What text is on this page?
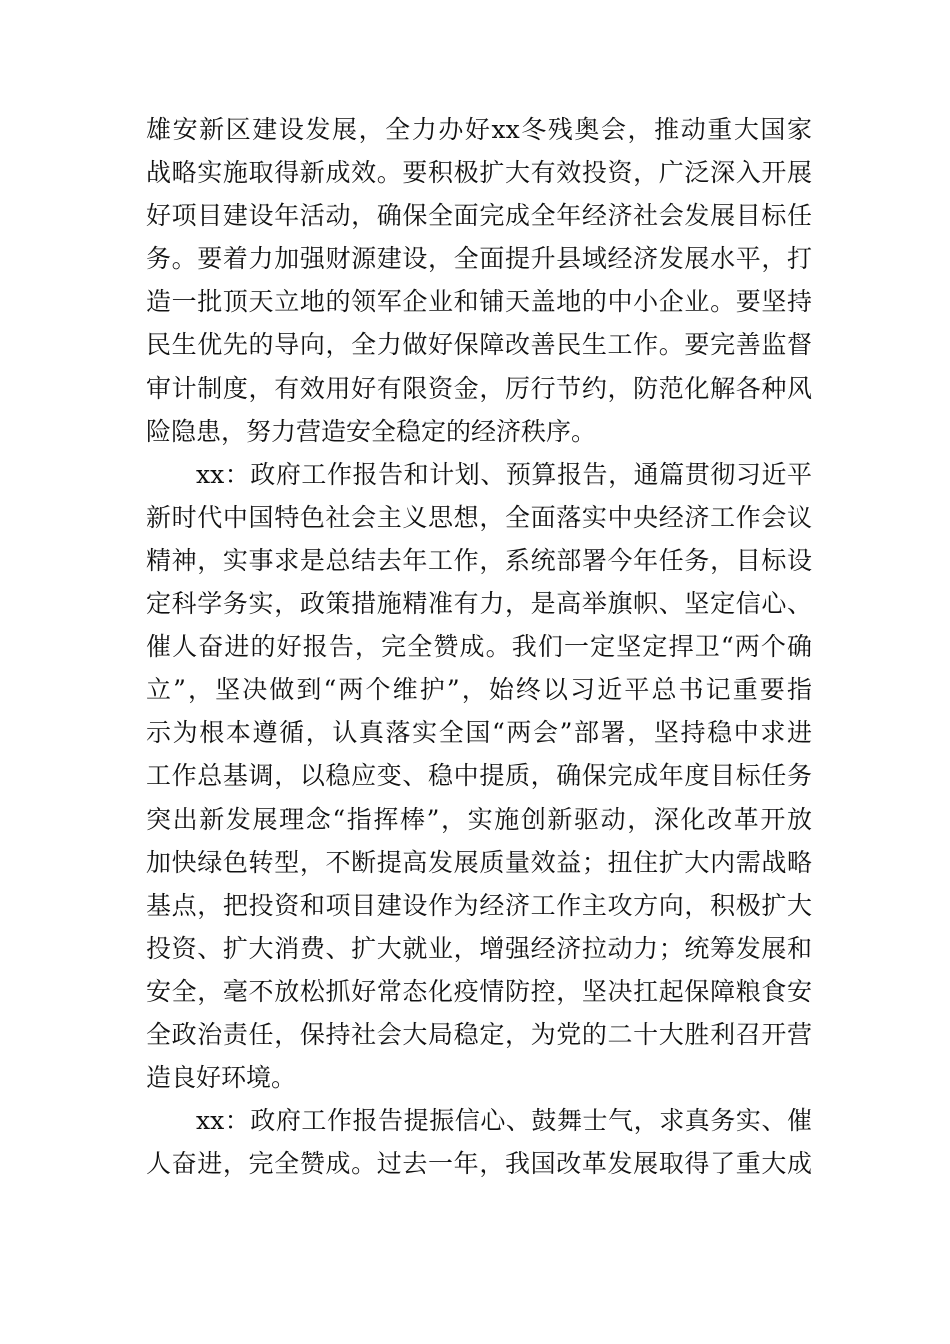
雄安新区建设发展，全力办好xx冬残奥会，推动重大国家
战略实施取得新成效。要积极扩大有效投资，广泛深入开展
好项目建设年活动，确保全面完成全年经济社会发展目标任
务。要着力加强财源建设，全面提升县域经济发展水平，打
造一批顶天立地的领军企业和铺天盖地的中小企业。要坚持
民生优先的导向，全力做好保障改善民生工作。要完善监督
审计制度，有效用好有限资金，厉行节约，防范化解各种风
险隐患，努力营造安全稳定的经济秩序。
xx：政府工作报告和计划、预算报告，通篇贯彻习近平
新时代中国特色社会主义思想，全面落实中央经济工作会议
精神，实事求是总结去年工作，系统部署今年任务，目标设
定科学务实，政策措施精准有力，是高举旗帜、坚定信心、
催人奋进的好报告，完全赞成。我们一定坚定捍卫“两个确
立”，坚决做到“两个维护”，始终以习近平总书记重要指
示为根本遵循，认真落实全国“两会”部署，坚持稳中求进
工作总基调，以稳应变、稳中提质，确保完成年度目标任务
突出新发展理念“指挥棒”，实施创新驱动，深化改革开放
加快绿色转型，不断提高发展质量效益；扭住扩大内需战略
基点，把投资和项目建设作为经济工作主攻方向，积极扩大
投资、扩大消费、扩大就业，增强经济拉动力；统筹发展和
安全，毫不放松抓好常态化疫情防控，坚决扛起保障粮食安
全政治责任，保持社会大局稳定，为党的二十大胜利召开营
造良好环境。
xx：政府工作报告提振信心、鼓舞士气，求真务实、催
人奋进，完全赞成。过去一年，我国改革发展取得了重大成
